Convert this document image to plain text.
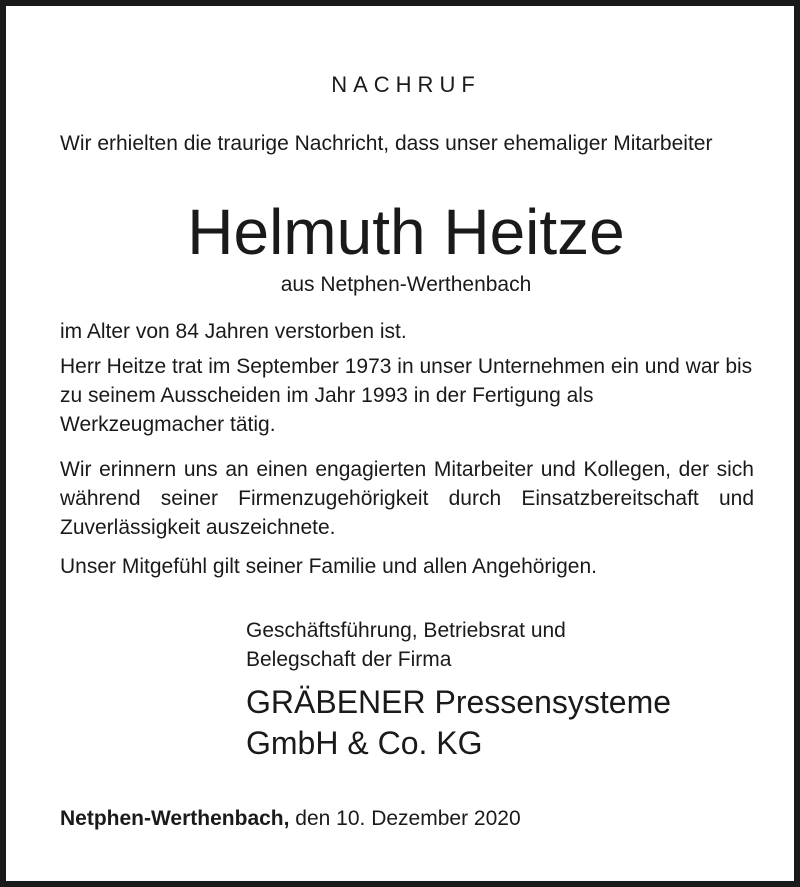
NACHRUF
Wir erhielten die traurige Nachricht, dass unser ehemaliger Mitarbeiter
Helmuth Heitze
aus Netphen-Werthenbach
im Alter von 84 Jahren verstorben ist.
Herr Heitze trat im September 1973 in unser Unternehmen ein und war bis zu seinem Ausscheiden im Jahr 1993 in der Fertigung als Werkzeugmacher tätig.
Wir erinnern uns an einen engagierten Mitarbeiter und Kollegen, der sich während seiner Firmenzugehörigkeit durch Einsatzbereitschaft und Zuverlässigkeit auszeichnete.
Unser Mitgefühl gilt seiner Familie und allen Angehörigen.
Geschäftsführung, Betriebsrat und
Belegschaft der Firma
GRÄBENER Pressensysteme
GmbH & Co. KG
Netphen-Werthenbach, den 10. Dezember 2020
